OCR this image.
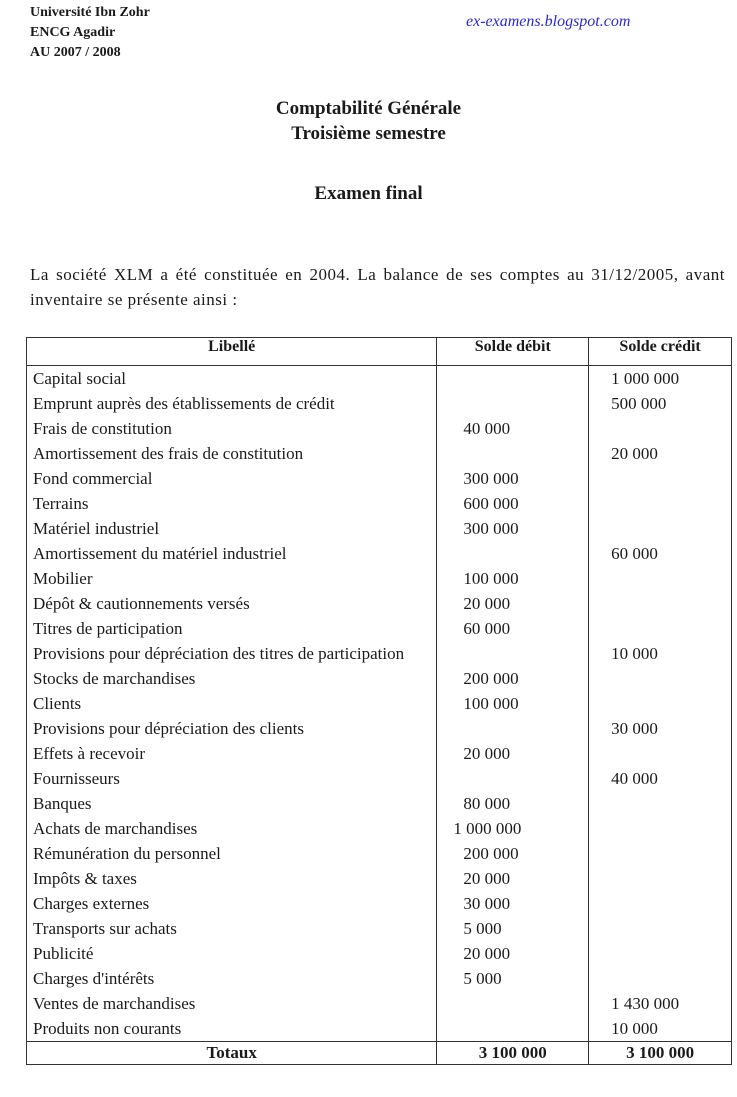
Université Ibn Zohr
ENCG Agadir
AU 2007 / 2008
ex-examens.blogspot.com
Comptabilité Générale
Troisième semestre
Examen final
La société XLM a été constituée en 2004. La balance de ses comptes au 31/12/2005, avant inventaire se présente ainsi :
Libellé	Solde débit	Solde crédit
Capital social		1 000 000
Emprunt auprès des établissements de crédit		500 000
Frais de constitution	40 000	
Amortissement des frais de constitution		20 000
Fond commercial	300 000	
Terrains	600 000	
Matériel industriel	300 000	
Amortissement du matériel industriel		60 000
Mobilier	100 000	
Dépôt & cautionnements versés	20 000	
Titres de participation	60 000	
Provisions pour dépréciation des titres de participation		10 000
Stocks de marchandises	200 000	
Clients	100 000	
Provisions pour dépréciation des clients		30 000
Effets à recevoir	20 000	
Fournisseurs		40 000
Banques	80 000	
Achats de marchandises	1 000 000	
Rémunération du personnel	200 000	
Impôts & taxes	20 000	
Charges externes	30 000	
Transports sur achats	5 000	
Publicité	20 000	
Charges d'intérêts	5 000	
Ventes de marchandises		1 430 000
Produits non courants		10 000
Totaux	3 100 000	3 100 000
